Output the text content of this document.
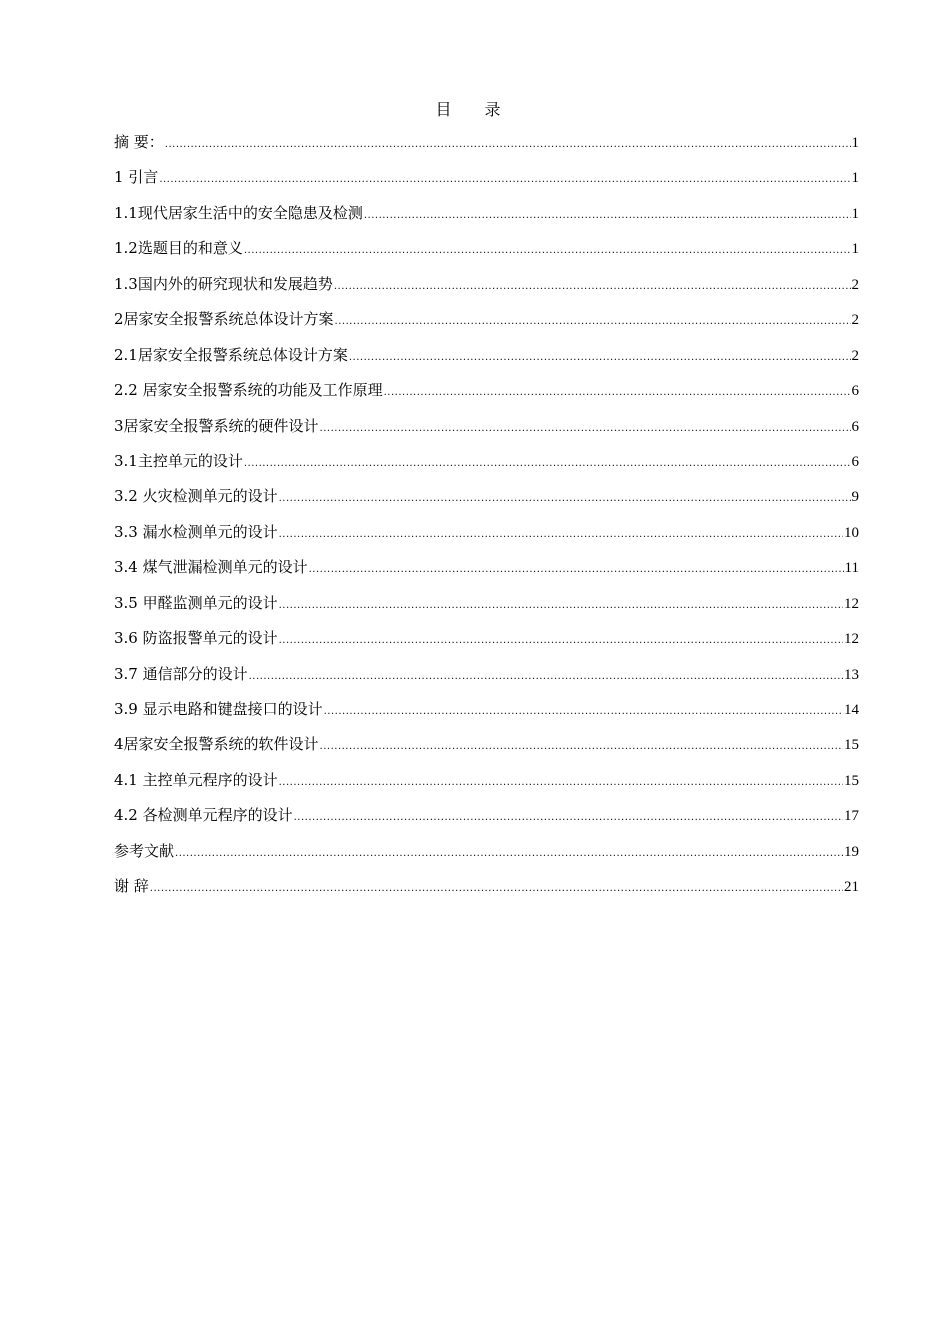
目 录
摘 要： .....	1
1 引言 .....	1
1.1现代居家生活中的安全隐患及检测 .....	1
1.2选题目的和意义 .....	1
1.3国内外的研究现状和发展趋势 .....	2
2居家安全报警系统总体设计方案 .....	2
2.1居家安全报警系统总体设计方案 .....	2
2.2 居家安全报警系统的功能及工作原理 .....	6
3居家安全报警系统的硬件设计 .....	6
3.1主控单元的设计 .....	6
3.2 火灾检测单元的设计 .....	9
3.3 漏水检测单元的设计 .....	10
3.4 煤气泄漏检测单元的设计 .....	11
3.5 甲醛监测单元的设计 .....	12
3.6 防盗报警单元的设计 .....	12
3.7 通信部分的设计 .....	13
3.9 显示电路和键盘接口的设计 .....	14
4居家安全报警系统的软件设计 .....	15
4.1 主控单元程序的设计 .....	15
4.2 各检测单元程序的设计 .....	17
参考文献 .....	19
谢 辞 .....	21
